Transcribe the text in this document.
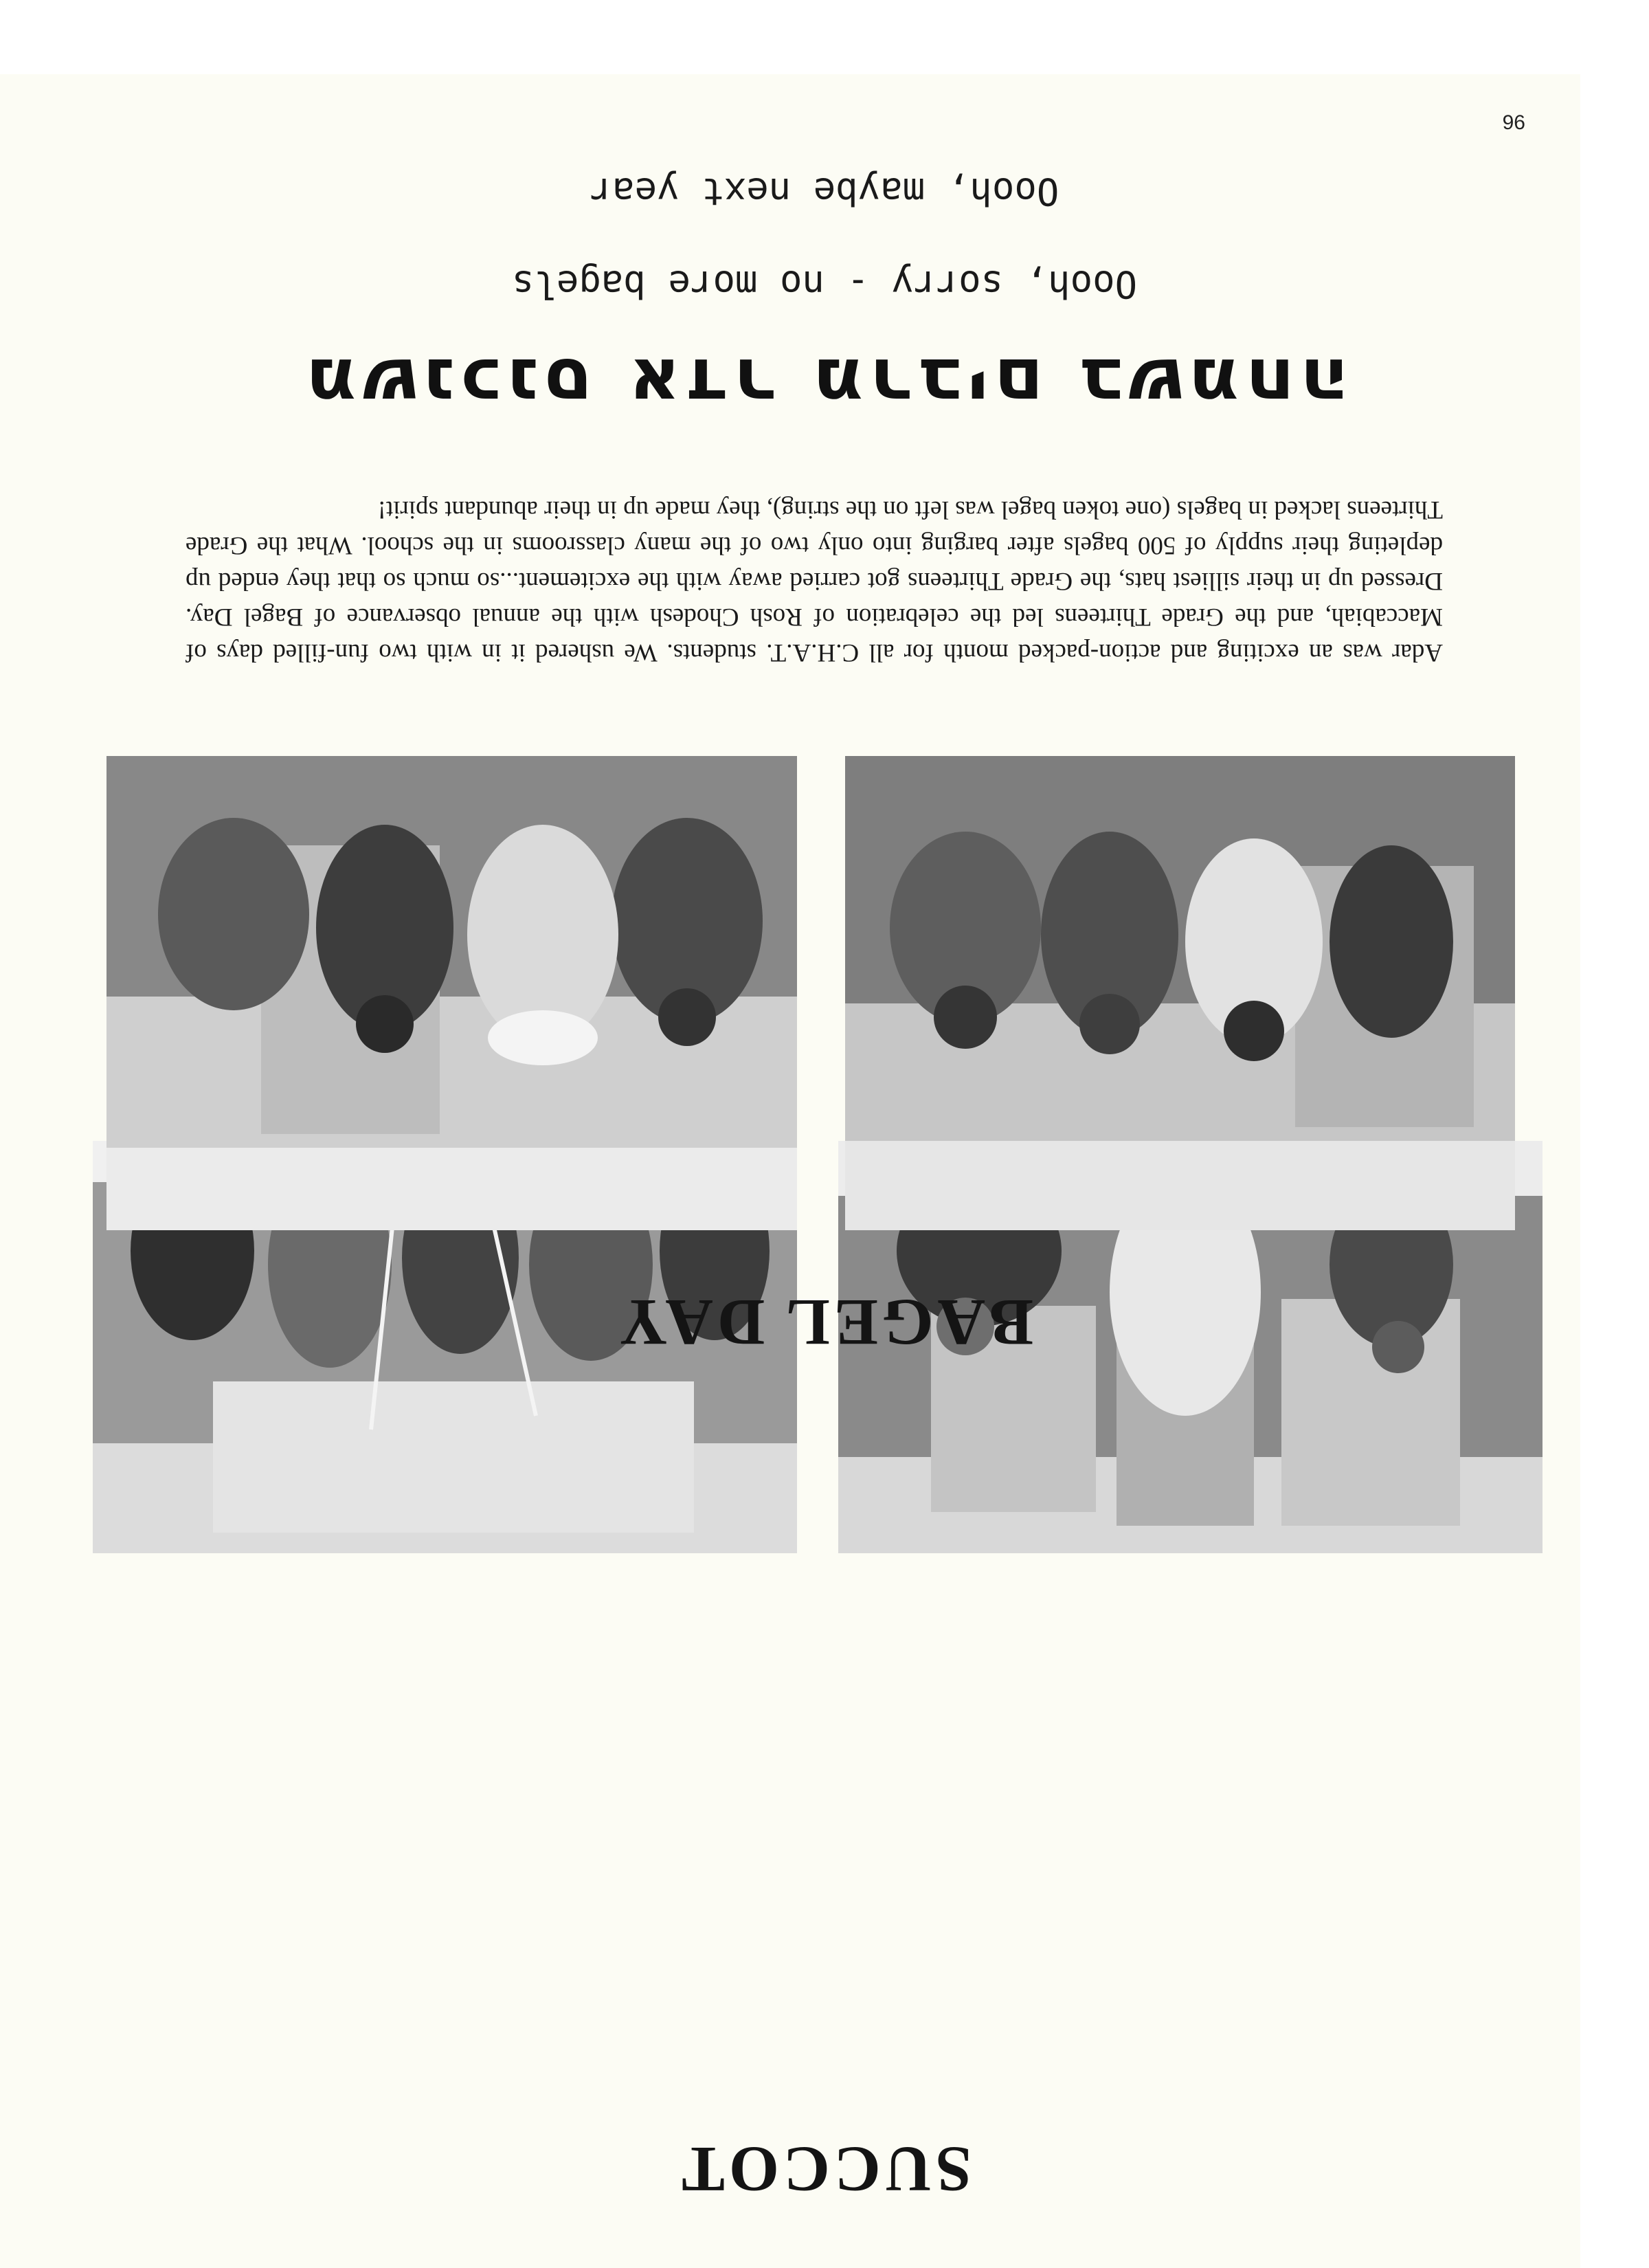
96
SUCCOT
BAGEL DAY

Adar was an exciting and action-packed month for all C.H.A.T. students. We ushered it in with two fun-filled days of Maccabiah, and the Grade Thirteens led the celebration of Rosh Chodesh with the annual observance of Bagel Day. Dressed up in their silliest hats, the Grade Thirteens got carried away with the excitement...so much so that they ended up depleting their supply of 500 bagels after barging into only two of the many classrooms in the school. What the Grade Thirteens lacked in bagels (one token bagel was left on the string), they made up in their abundant spirit!

משנכנס אדר מרבים בשמחה

Oooh, sorry - no more bagels

Oooh, maybe next year
